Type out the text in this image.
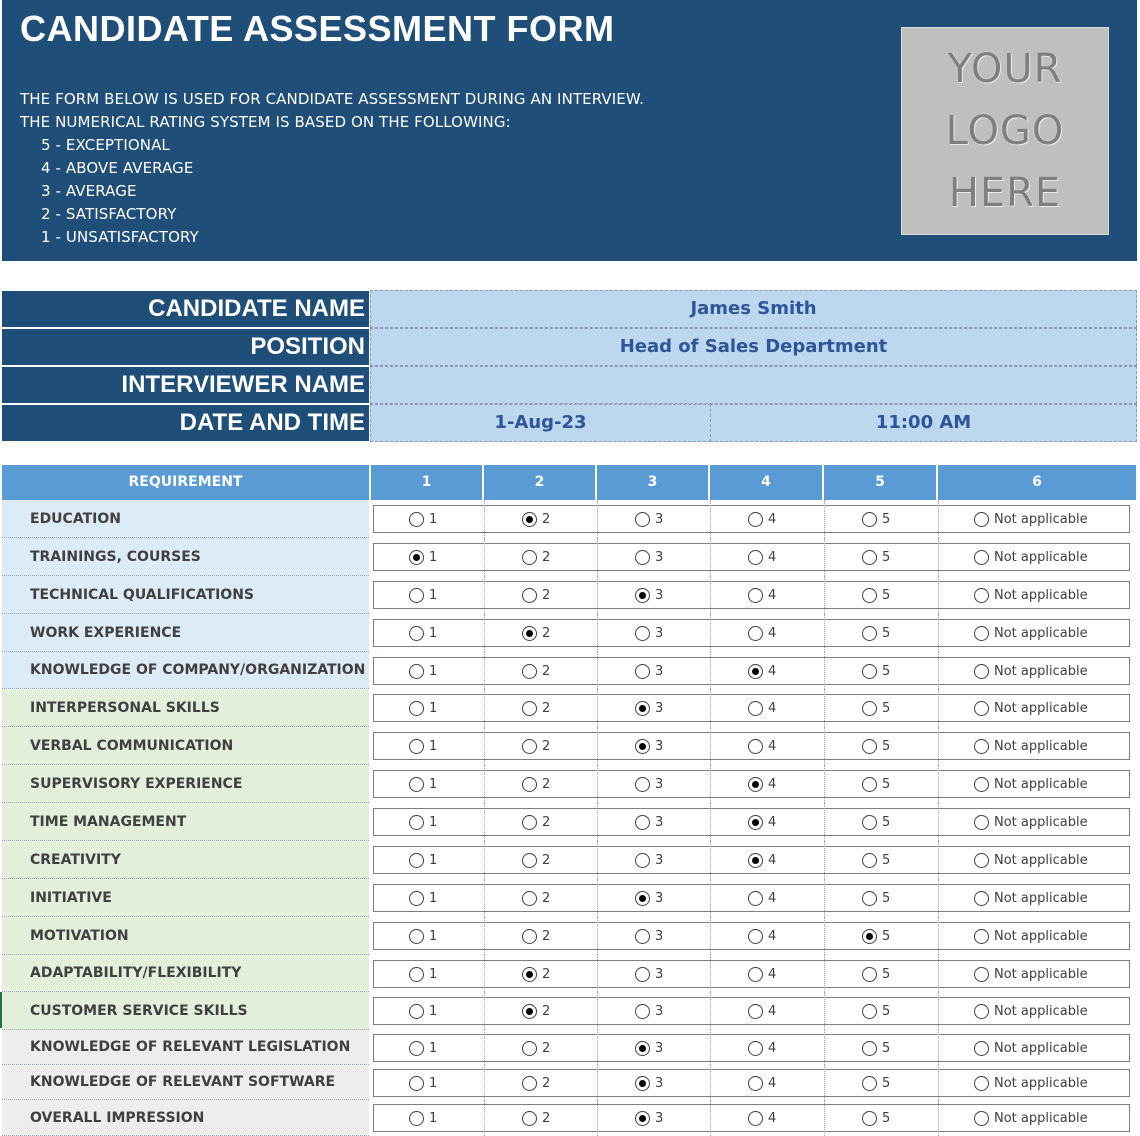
CANDIDATE ASSESSMENT FORM
THE FORM BELOW IS USED FOR CANDIDATE ASSESSMENT DURING AN INTERVIEW.
THE NUMERICAL RATING SYSTEM IS BASED ON THE FOLLOWING:
5 - EXCEPTIONAL
4 - ABOVE AVERAGE
3 - AVERAGE
2 - SATISFACTORY
1 - UNSATISFACTORY
YOUR
LOGO
HERE
CANDIDATE NAME	James Smith
POSITION	Head of Sales Department
INTERVIEWER NAME
DATE AND TIME	1-Aug-23	11:00 AM
REQUIREMENT	1	2	3	4	5	6
EDUCATION	1	2	3	4	5	Not applicable
TRAININGS, COURSES	1	2	3	4	5	Not applicable
TECHNICAL QUALIFICATIONS	1	2	3	4	5	Not applicable
WORK EXPERIENCE	1	2	3	4	5	Not applicable
KNOWLEDGE OF COMPANY/ORGANIZATION	1	2	3	4	5	Not applicable
INTERPERSONAL SKILLS	1	2	3	4	5	Not applicable
VERBAL COMMUNICATION	1	2	3	4	5	Not applicable
SUPERVISORY EXPERIENCE	1	2	3	4	5	Not applicable
TIME MANAGEMENT	1	2	3	4	5	Not applicable
CREATIVITY	1	2	3	4	5	Not applicable
INITIATIVE	1	2	3	4	5	Not applicable
MOTIVATION	1	2	3	4	5	Not applicable
ADAPTABILITY/FLEXIBILITY	1	2	3	4	5	Not applicable
CUSTOMER SERVICE SKILLS	1	2	3	4	5	Not applicable
KNOWLEDGE OF RELEVANT LEGISLATION	1	2	3	4	5	Not applicable
KNOWLEDGE OF RELEVANT SOFTWARE	1	2	3	4	5	Not applicable
OVERALL IMPRESSION	1	2	3	4	5	Not applicable
